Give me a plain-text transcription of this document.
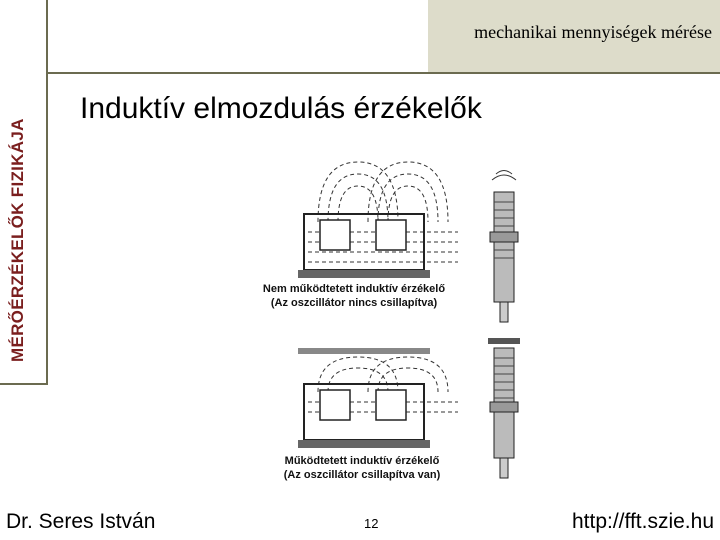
MÉRŐÉRZÉKELŐK FIZIKÁJA
mechanikai mennyiségek mérése
Induktív elmozdulás érzékelők
Nem működtetett induktív érzékelő
(Az oszcillátor nincs csillapítva)
Működtetett induktív érzékelő
(Az oszcillátor csillapítva van)
Dr. Seres István	12	http://fft.szie.hu
